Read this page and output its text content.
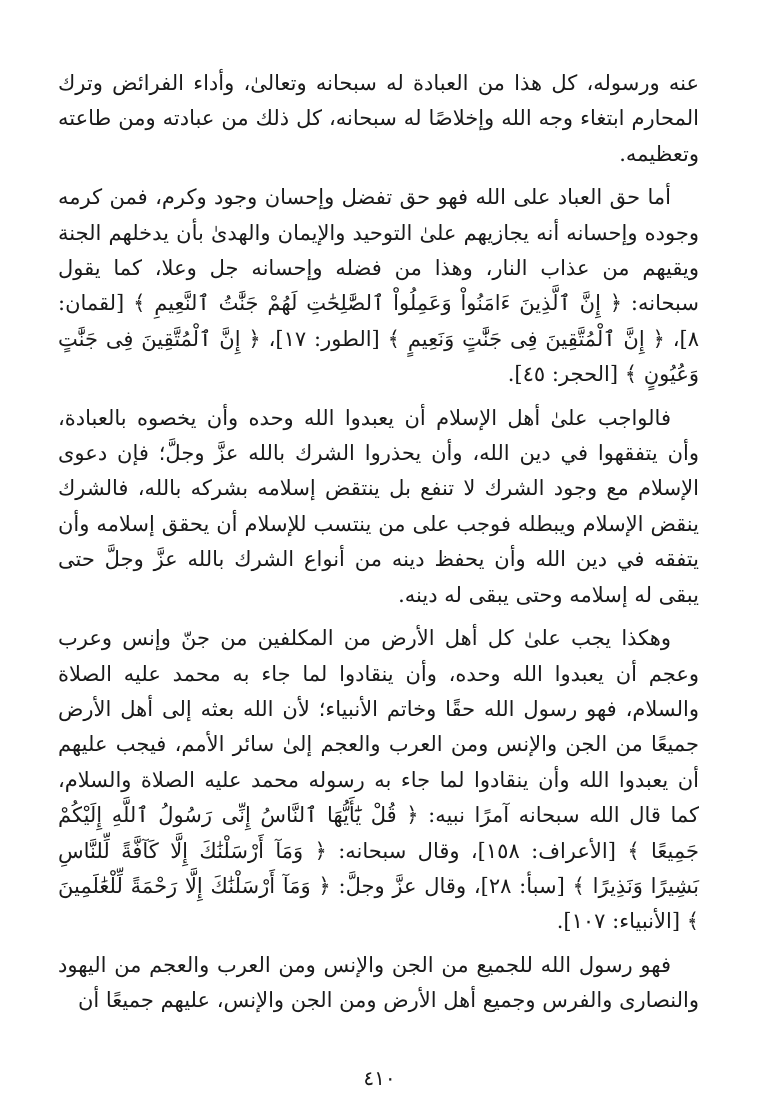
عنه ورسوله، كل هذا من العبادة له سبحانه وتعالىٰ، وأداء الفرائض وترك المحارم ابتغاء وجه الله وإخلاصًا له سبحانه، كل ذلك من عبادته ومن طاعته وتعظيمه.

أما حق العباد على الله فهو حق تفضل وإحسان وجود وكرم، فمن كرمه وجوده وإحسانه أنه يجازيهم علىٰ التوحيد والإيمان والهدىٰ بأن يدخلهم الجنة ويقيهم من عذاب النار، وهذا من فضله وإحسانه جل وعلا، كما يقول سبحانه: ﴿ إِنَّ ٱلَّذِينَ ءَامَنُواْ وَعَمِلُواْ ٱلصَّٰلِحَٰتِ لَهُمْ جَنَّٰتُ ٱلنَّعِيمِ ﴾ [لقمان: ٨]، ﴿ إِنَّ ٱلْمُتَّقِينَ فِى جَنَّٰتٍ وَنَعِيمٍ ﴾ [الطور: ١٧]، ﴿ إِنَّ ٱلْمُتَّقِينَ فِى جَنَّٰتٍ وَعُيُونٍ ﴾ [الحجر: ٤٥].

فالواجب علىٰ أهل الإسلام أن يعبدوا الله وحده وأن يخصوه بالعبادة، وأن يتفقهوا في دين الله، وأن يحذروا الشرك بالله عزَّ وجلَّ؛ فإن دعوى الإسلام مع وجود الشرك لا تنفع بل ينتقض إسلامه بشركه بالله، فالشرك ينقض الإسلام ويبطله فوجب على من ينتسب للإسلام أن يحقق إسلامه وأن يتفقه في دين الله وأن يحفظ دينه من أنواع الشرك بالله عزَّ وجلَّ حتى يبقى له إسلامه وحتى يبقى له دينه.

وهكذا يجب علىٰ كل أهل الأرض من المكلفين من جنّ وإنس وعرب وعجم أن يعبدوا الله وحده، وأن ينقادوا لما جاء به محمد عليه الصلاة والسلام، فهو رسول الله حقًا وخاتم الأنبياء؛ لأن الله بعثه إلى أهل الأرض جميعًا من الجن والإنس ومن العرب والعجم إلىٰ سائر الأمم، فيجب عليهم أن يعبدوا الله وأن ينقادوا لما جاء به رسوله محمد عليه الصلاة والسلام، كما قال الله سبحانه آمرًا نبيه: ﴿ قُلْ يَٰٓأَيُّهَا ٱلنَّاسُ إِنِّى رَسُولُ ٱللَّهِ إِلَيْكُمْ جَمِيعًا ﴾ [الأعراف: ١٥٨]، وقال سبحانه: ﴿ وَمَآ أَرْسَلْنَٰكَ إِلَّا كَآفَّةً لِّلنَّاسِ بَشِيرًا وَنَذِيرًا ﴾ [سبأ: ٢٨]، وقال عزَّ وجلَّ: ﴿ وَمَآ أَرْسَلْنَٰكَ إِلَّا رَحْمَةً لِّلْعَٰلَمِينَ ﴾ [الأنبياء: ١٠٧].

فهو رسول الله للجميع من الجن والإنس ومن العرب والعجم من اليهود والنصارى والفرس وجميع أهل الأرض ومن الجن والإنس، عليهم جميعًا أن

٤١٠
